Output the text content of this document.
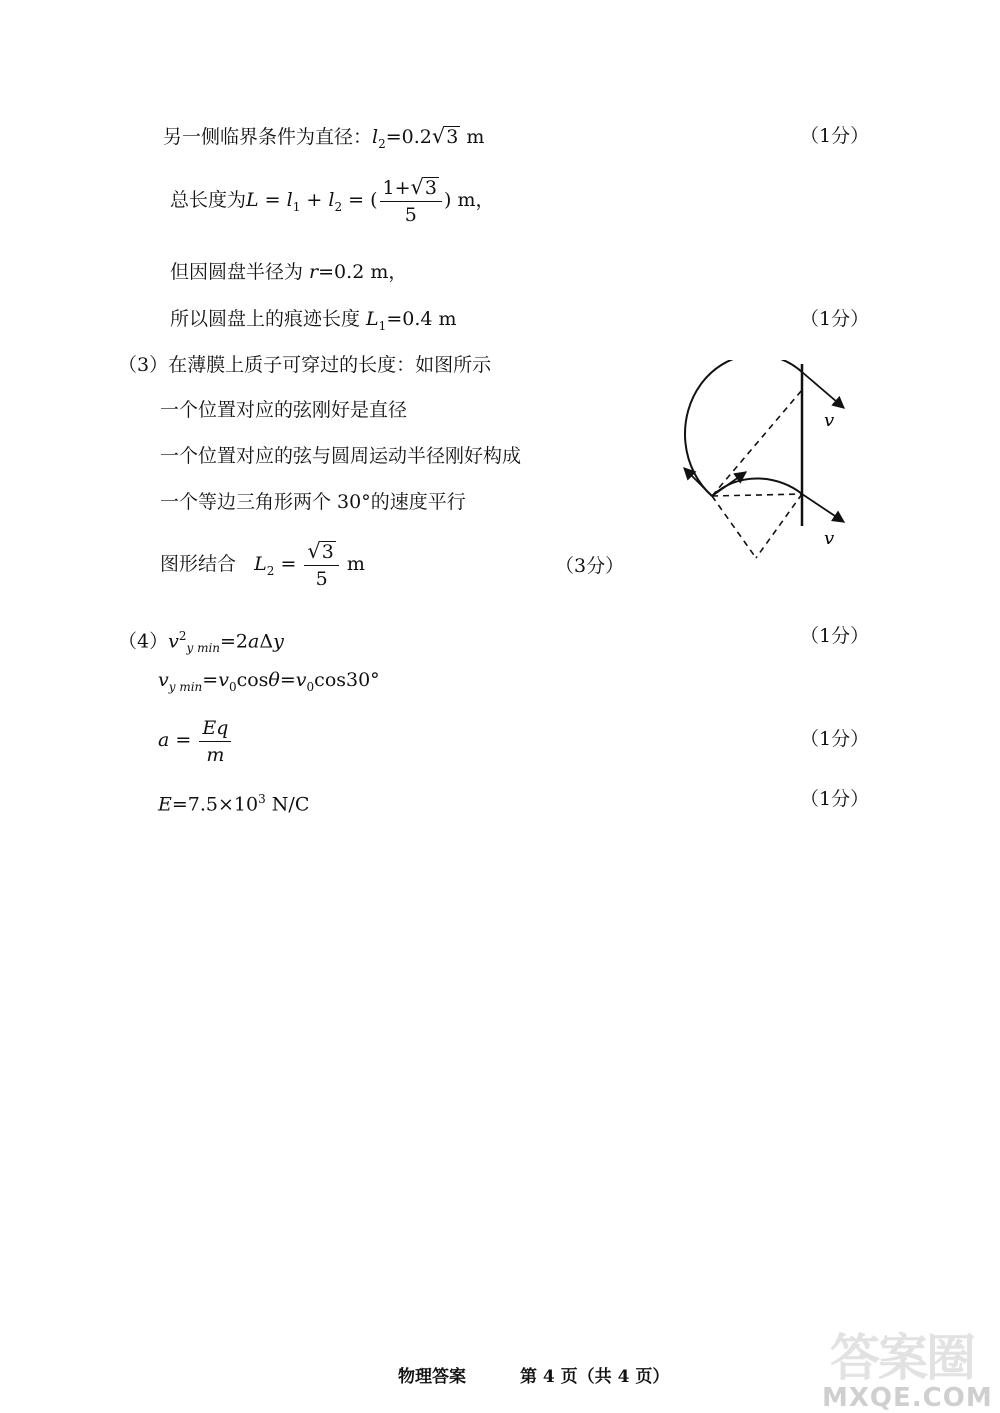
另一侧临界条件为直径：$l_2=0.2√3$ m	（1分）
总长度为$L = l_1 + l_2$ = ( $\frac{1+√3}{5}$ ) m，
但因圆盘半径为 r=0.2 m，
所以圆盘上的痕迹长度 $L_1=0.4$ m	（1分）
（3）在薄膜上质子可穿过的长度：如图所示
一个位置对应的弦刚好是直径
一个位置对应的弦与圆周运动半径刚好构成
一个等边三角形两个 30°的速度平行
图形结合 $L_2 = \frac{√3}{5}$ m	（3分）
v
v
$(4)v^2_{y min}=2a\Delta y$	（1分）
$v_{y min}=v_0\cos\theta=v_0\cos 30^\circ$
$a = \frac{Eq}{m}$	（1分）
$E=7.5\times 10^3$ N/C	（1分）
物理答案	第 4 页（共 4 页）	答案圈
MXQE.COM
